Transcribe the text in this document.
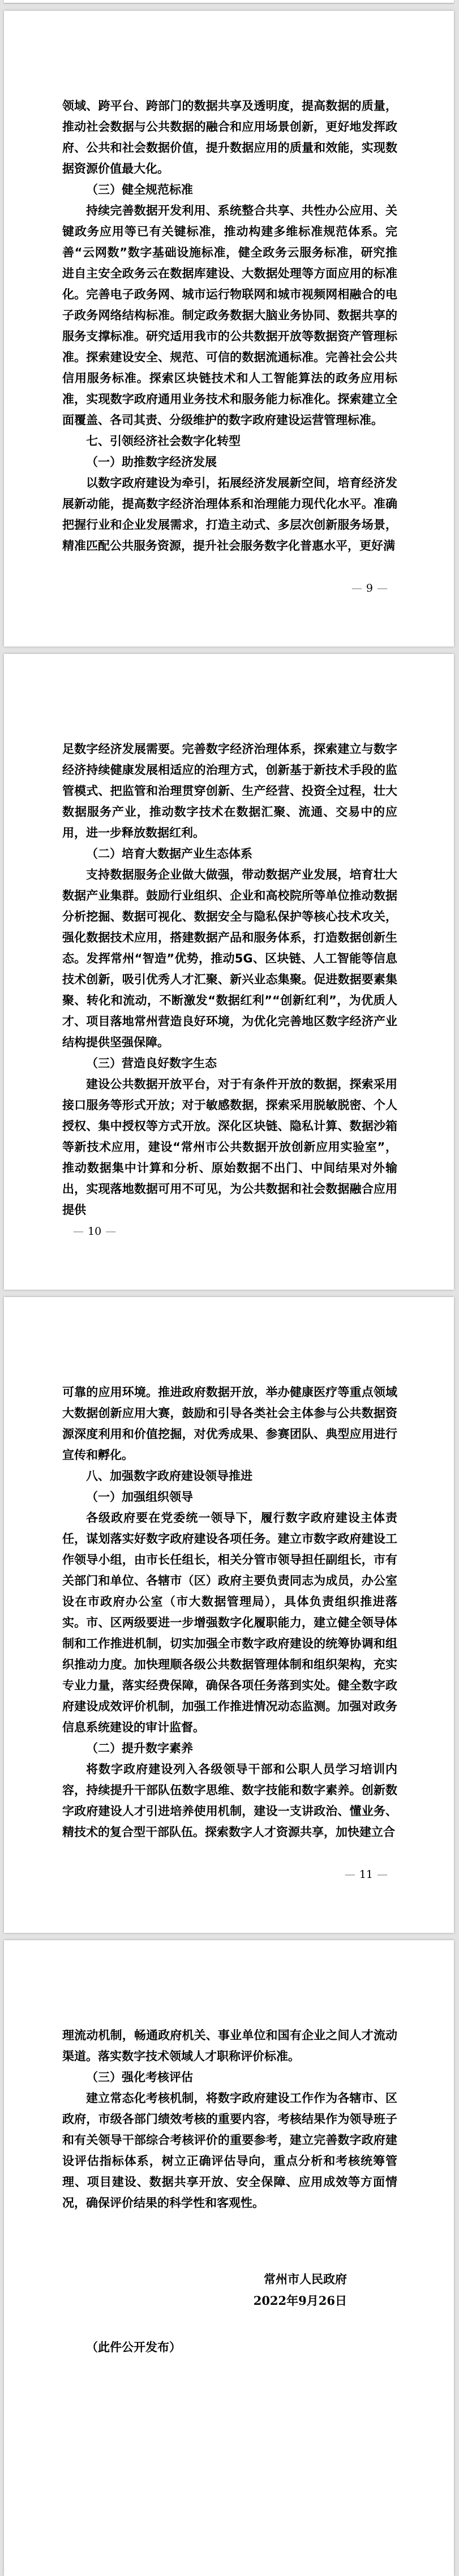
领域、跨平台、跨部门的数据共享及透明度，提高数据的质量，推动社会数据与公共数据的融合和应用场景创新，更好地发挥政府、公共和社会数据价值，提升数据应用的质量和效能，实现数据资源价值最大化。

（三）健全规范标准

持续完善数据开发利用、系统整合共享、共性办公应用、关键政务应用等已有关键标准，推动构建多维标准规范体系。完善“云网数”数字基础设施标准，健全政务云服务标准，研究推进自主安全政务云在数据库建设、大数据处理等方面应用的标准化。完善电子政务网、城市运行物联网和城市视频网相融合的电子政务网络结构标准。制定政务数据大脑业务协同、数据共享的服务支撑标准。研究适用我市的公共数据开放等数据资产管理标准。探索建设安全、规范、可信的数据流通标准。完善社会公共信用服务标准。探索区块链技术和人工智能算法的政务应用标准，实现数字政府通用业务技术和服务能力标准化。探索建立全面覆盖、各司其责、分级维护的数字政府建设运营管理标准。

七、引领经济社会数字化转型

（一）助推数字经济发展

以数字政府建设为牵引，拓展经济发展新空间，培育经济发展新动能，提高数字经济治理体系和治理能力现代化水平。准确把握行业和企业发展需求，打造主动式、多层次创新服务场景，精准匹配公共服务资源，提升社会服务数字化普惠水平，更好满

— 9 —

足数字经济发展需要。完善数字经济治理体系，探索建立与数字经济持续健康发展相适应的治理方式，创新基于新技术手段的监管模式、把监管和治理贯穿创新、生产经营、投资全过程，壮大数据服务产业，推动数字技术在数据汇聚、流通、交易中的应用，进一步释放数据红利。

（二）培育大数据产业生态体系

支持数据服务企业做大做强，带动数据产业发展，培育壮大数据产业集群。鼓励行业组织、企业和高校院所等单位推动数据分析挖掘、数据可视化、数据安全与隐私保护等核心技术攻关，强化数据技术应用，搭建数据产品和服务体系，打造数据创新生态。发挥常州“智造”优势，推动5G、区块链、人工智能等信息技术创新，吸引优秀人才汇聚、新兴业态集聚。促进数据要素集聚、转化和流动，不断激发“数据红利”“创新红利”，为优质人才、项目落地常州营造良好环境，为优化完善地区数字经济产业结构提供坚强保障。

（三）营造良好数字生态

建设公共数据开放平台，对于有条件开放的数据，探索采用接口服务等形式开放；对于敏感数据，探索采用脱敏脱密、个人授权、集中授权等方式开放。深化区块链、隐私计算、数据沙箱等新技术应用，建设“常州市公共数据开放创新应用实验室”，推动数据集中计算和分析、原始数据不出门、中间结果对外输出，实现落地数据可用不可见，为公共数据和社会数据融合应用提供

— 10 —

可靠的应用环境。推进政府数据开放，举办健康医疗等重点领域大数据创新应用大赛，鼓励和引导各类社会主体参与公共数据资源深度利用和价值挖掘，对优秀成果、参赛团队、典型应用进行宣传和孵化。

八、加强数字政府建设领导推进

（一）加强组织领导

各级政府要在党委统一领导下，履行数字政府建设主体责任，谋划落实好数字政府建设各项任务。建立市数字政府建设工作领导小组，由市长任组长，相关分管市领导担任副组长，市有关部门和单位、各辖市（区）政府主要负责同志为成员，办公室设在市政府办公室（市大数据管理局），具体负责组织推进落实。市、区两级要进一步增强数字化履职能力，建立健全领导体制和工作推进机制，切实加强全市数字政府建设的统筹协调和组织推动力度。加快理顺各级公共数据管理体制和组织架构，充实专业力量，落实经费保障，确保各项任务落到实处。健全数字政府建设成效评价机制，加强工作推进情况动态监测。加强对政务信息系统建设的审计监督。

（二）提升数字素养

将数字政府建设列入各级领导干部和公职人员学习培训内容，持续提升干部队伍数字思维、数字技能和数字素养。创新数字政府建设人才引进培养使用机制，建设一支讲政治、懂业务、精技术的复合型干部队伍。探索数字人才资源共享，加快建立合

— 11 —

理流动机制，畅通政府机关、事业单位和国有企业之间人才流动渠道。落实数字技术领域人才职称评价标准。

（三）强化考核评估

建立常态化考核机制，将数字政府建设工作作为各辖市、区政府，市级各部门绩效考核的重要内容，考核结果作为领导班子和有关领导干部综合考核评价的重要参考，建立完善数字政府建设评估指标体系，树立正确评估导向，重点分析和考核统筹管理、项目建设、数据共享开放、安全保障、应用成效等方面情况，确保评价结果的科学性和客观性。

常州市人民政府

2022年9月26日

（此件公开发布）
